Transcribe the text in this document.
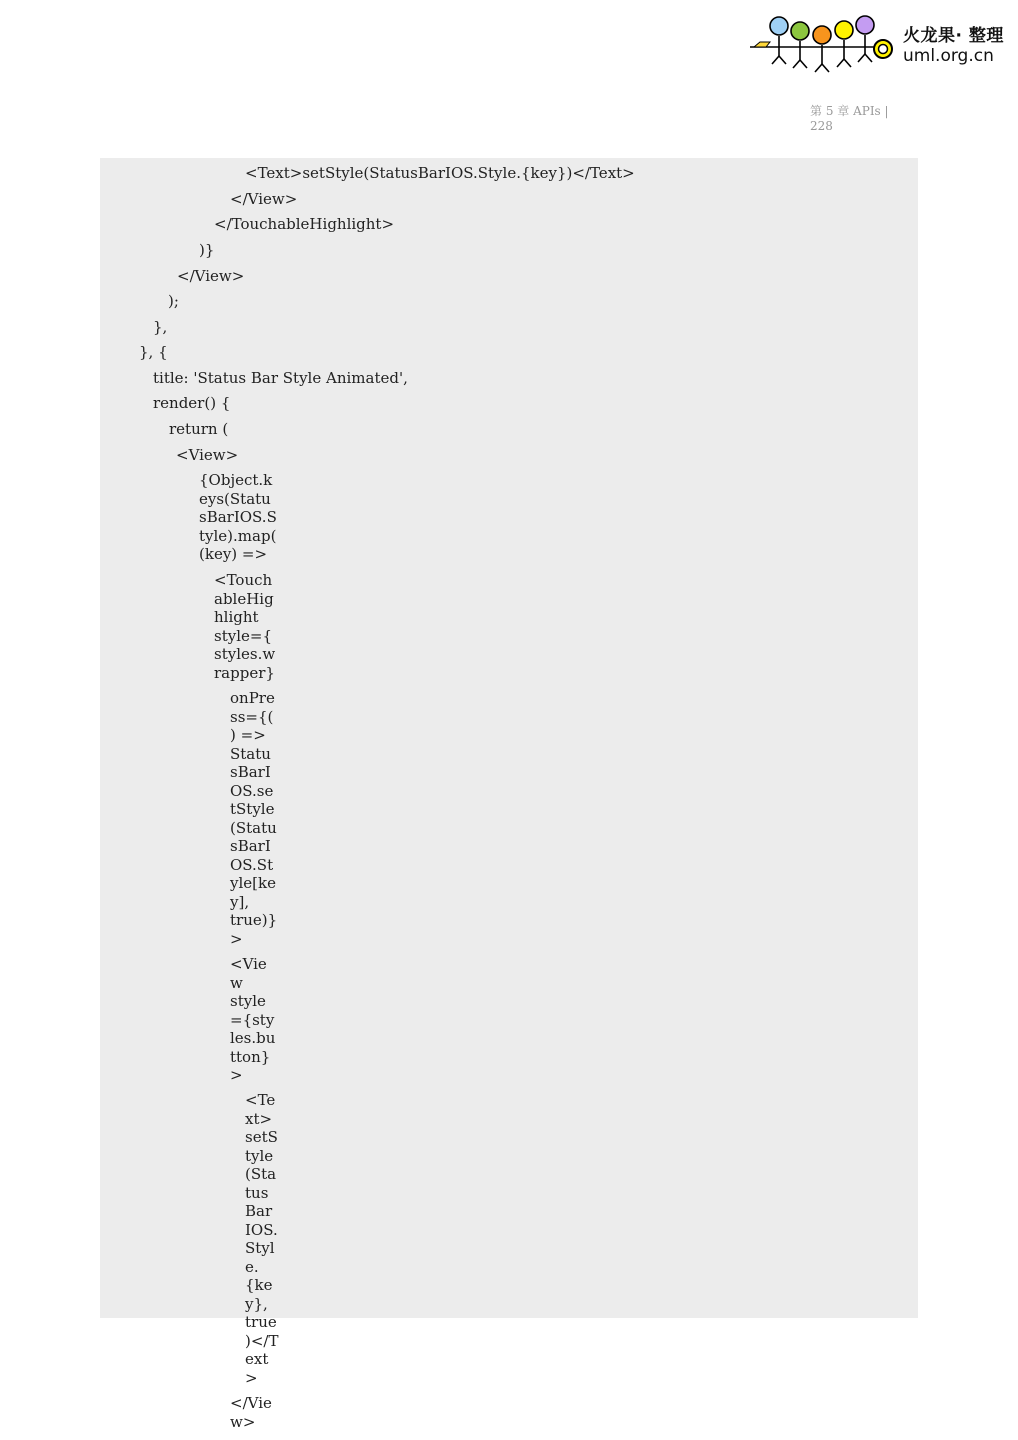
火龙果· 整理
uml.org.cn
第 5 章 APIs |
228
<Text>setStyle(StatusBarIOS.Style.{key})</Text>
</View>
</TouchableHighlight>
)}
</View>
);
},
}, {
title: 'Status Bar Style Animated',
render() {
return (
<View>
{Object.k
eys(Statu
sBarIOS.S
tyle).map(
(key) =>
<Touch
ableHig
hlight
style={
styles.w
rapper}
onPre
ss={(
) =>
Statu
sBarI
OS.se
tStyle
(Statu
sBarI
OS.St
yle[ke
y],
true)}
>
<Vie
w
style
={sty
les.bu
tton}
>
<Te
xt>
setS
tyle
(Sta
tus
Bar
IOS.
Styl
e.
{ke
y},
true
)</T
ext
>
</Vie
w>
